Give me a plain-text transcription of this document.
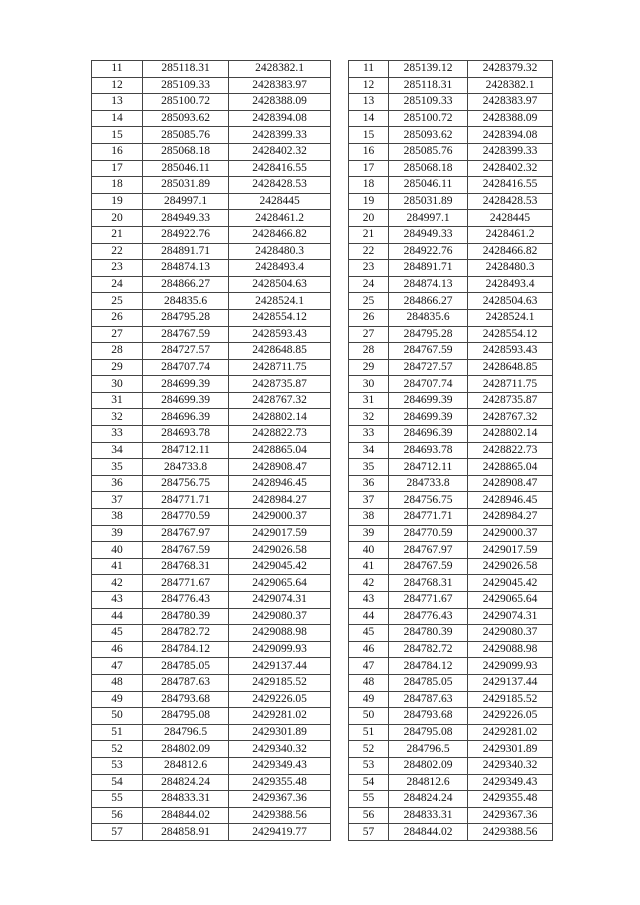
11	285118.31	2428382.1
12	285109.33	2428383.97
13	285100.72	2428388.09
14	285093.62	2428394.08
15	285085.76	2428399.33
16	285068.18	2428402.32
17	285046.11	2428416.55
18	285031.89	2428428.53
19	284997.1	2428445
20	284949.33	2428461.2
21	284922.76	2428466.82
22	284891.71	2428480.3
23	284874.13	2428493.4
24	284866.27	2428504.63
25	284835.6	2428524.1
26	284795.28	2428554.12
27	284767.59	2428593.43
28	284727.57	2428648.85
29	284707.74	2428711.75
30	284699.39	2428735.87
31	284699.39	2428767.32
32	284696.39	2428802.14
33	284693.78	2428822.73
34	284712.11	2428865.04
35	284733.8	2428908.47
36	284756.75	2428946.45
37	284771.71	2428984.27
38	284770.59	2429000.37
39	284767.97	2429017.59
40	284767.59	2429026.58
41	284768.31	2429045.42
42	284771.67	2429065.64
43	284776.43	2429074.31
44	284780.39	2429080.37
45	284782.72	2429088.98
46	284784.12	2429099.93
47	284785.05	2429137.44
48	284787.63	2429185.52
49	284793.68	2429226.05
50	284795.08	2429281.02
51	284796.5	2429301.89
52	284802.09	2429340.32
53	284812.6	2429349.43
54	284824.24	2429355.48
55	284833.31	2429367.36
56	284844.02	2429388.56
57	284858.91	2429419.77
11	285139.12	2428379.32
12	285118.31	2428382.1
13	285109.33	2428383.97
14	285100.72	2428388.09
15	285093.62	2428394.08
16	285085.76	2428399.33
17	285068.18	2428402.32
18	285046.11	2428416.55
19	285031.89	2428428.53
20	284997.1	2428445
21	284949.33	2428461.2
22	284922.76	2428466.82
23	284891.71	2428480.3
24	284874.13	2428493.4
25	284866.27	2428504.63
26	284835.6	2428524.1
27	284795.28	2428554.12
28	284767.59	2428593.43
29	284727.57	2428648.85
30	284707.74	2428711.75
31	284699.39	2428735.87
32	284699.39	2428767.32
33	284696.39	2428802.14
34	284693.78	2428822.73
35	284712.11	2428865.04
36	284733.8	2428908.47
37	284756.75	2428946.45
38	284771.71	2428984.27
39	284770.59	2429000.37
40	284767.97	2429017.59
41	284767.59	2429026.58
42	284768.31	2429045.42
43	284771.67	2429065.64
44	284776.43	2429074.31
45	284780.39	2429080.37
46	284782.72	2429088.98
47	284784.12	2429099.93
48	284785.05	2429137.44
49	284787.63	2429185.52
50	284793.68	2429226.05
51	284795.08	2429281.02
52	284796.5	2429301.89
53	284802.09	2429340.32
54	284812.6	2429349.43
55	284824.24	2429355.48
56	284833.31	2429367.36
57	284844.02	2429388.56
